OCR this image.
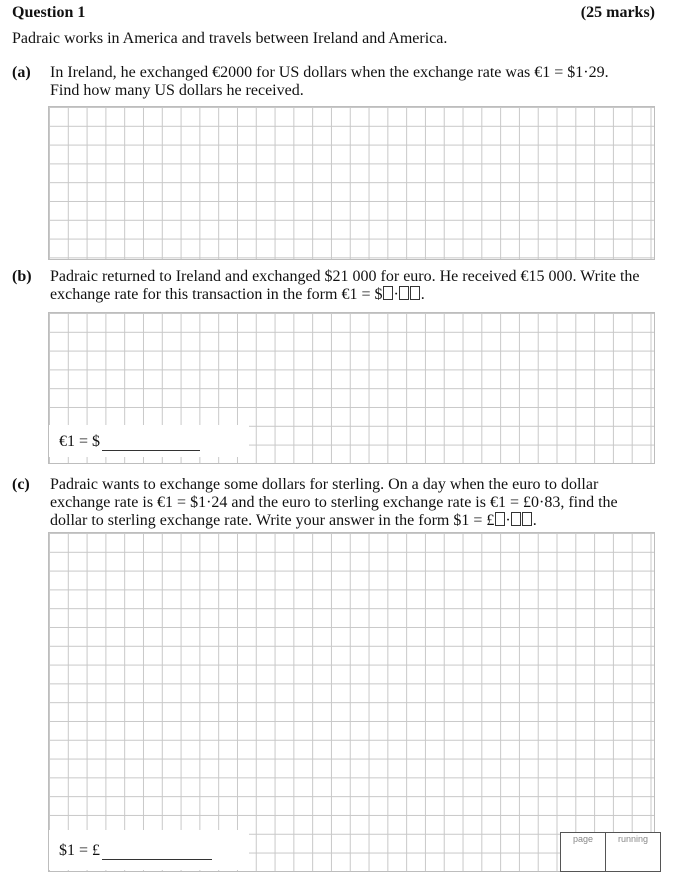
Question 1	(25 marks)
Padraic works in America and travels between Ireland and America.
(a) In Ireland, he exchanged €2000 for US dollars when the exchange rate was €1 = $1·29.
Find how many US dollars he received.
(b) Padraic returned to Ireland and exchanged $21 000 for euro. He received €15 000. Write the
exchange rate for this transaction in the form €1 = $ · .
€1 = $
(c) Padraic wants to exchange some dollars for sterling. On a day when the euro to dollar
exchange rate is €1 = $1·24 and the euro to sterling exchange rate is €1 = £0·83, find the
dollar to sterling exchange rate. Write your answer in the form $1 = £ · .
$1 = £
page	running
